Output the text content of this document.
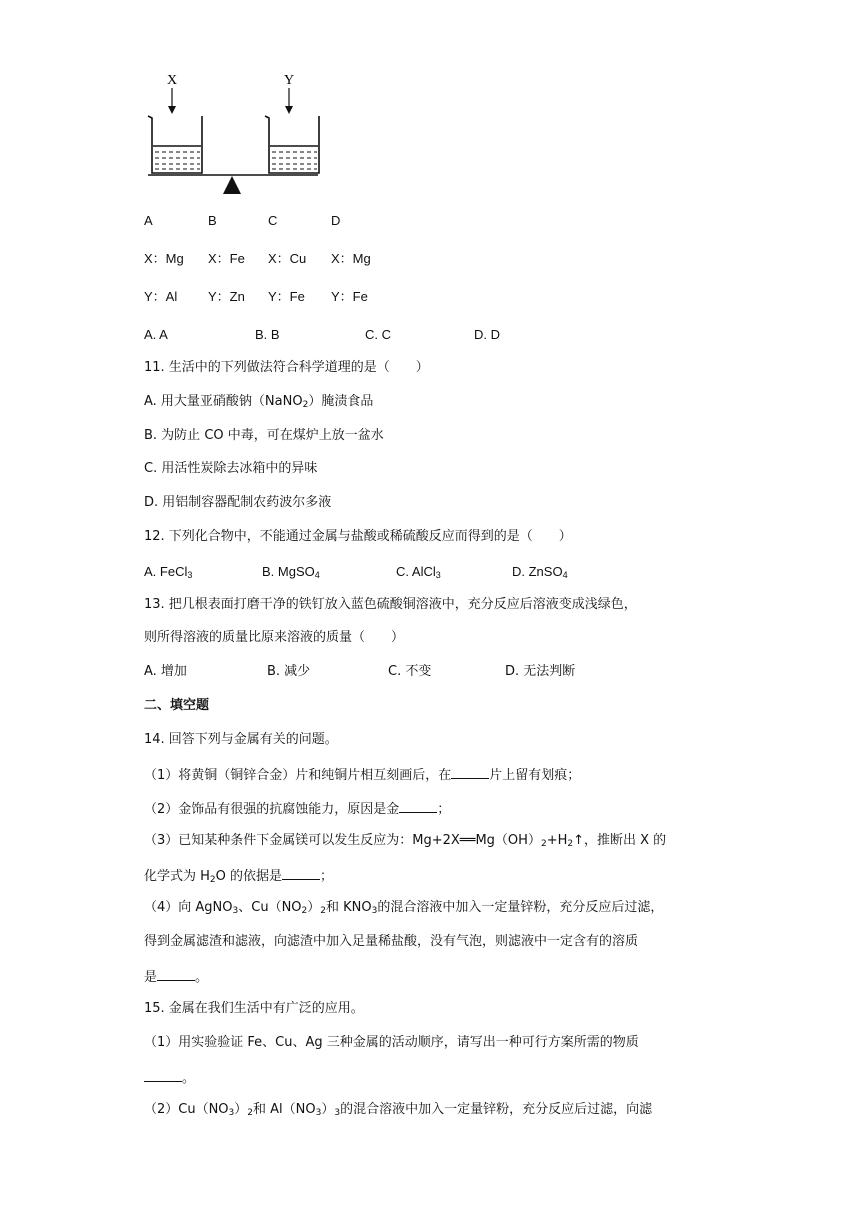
X	Y
A	B	C	D
X：Mg X：Fe X：Cu X：Mg
Y：Al Y：Zn Y：Fe Y：Fe
A. A	B. B	C. C	D. D
11. 生活中的下列做法符合科学道理的是（　　）
A. 用大量亚硝酸钠（NaNO$_2$）腌渍食品
B. 为防止 CO 中毒，可在煤炉上放一盆水
C. 用活性炭除去冰箱中的异味
D. 用铝制容器配制农药波尔多液
12. 下列化合物中，不能通过金属与盐酸或稀硫酸反应而得到的是（　　）
A. FeCl$_3$	B. MgSO$_4$	C. AlCl$_3$	D. ZnSO$_4$
13. 把几根表面打磨干净的铁钉放入蓝色硫酸铜溶液中，充分反应后溶液变成浅绿色，
则所得溶液的质量比原来溶液的质量（　　）
A. 增加	B. 减少	C. 不变	D. 无法判断
二、填空题
14. 回答下列与金属有关的问题。
（1）将黄铜（铜锌合金）片和纯铜片相互刻画后，在	片上留有划痕；
（2）金饰品有很强的抗腐蚀能力，原因是金	；
（3）已知某种条件下金属镁可以发生反应为：$Mg+2X══Mg(OH)_2+H_2↑$，推断出 X 的
化学式为 $H_2O$ 的依据是	；
（4）向 AgNO$_3$、$Cu(NO_2)_2$和 $KNO_3$的混合溶液中加入一定量锌粉，充分反应后过滤，
得到金属滤渣和滤液，向滤渣中加入足量稀盐酸，没有气泡，则滤液中一定含有的溶质
是	。
15. 金属在我们生活中有广泛的应用。
（1）用实验验证 Fe、Cu、Ag 三种金属的活动顺序，请写出一种可行方案所需的物质
。
$(2)Cu(NO_3)_2$和 $Al(NO_3)_3$的混合溶液中加入一定量锌粉，充分反应后过滤，向滤
